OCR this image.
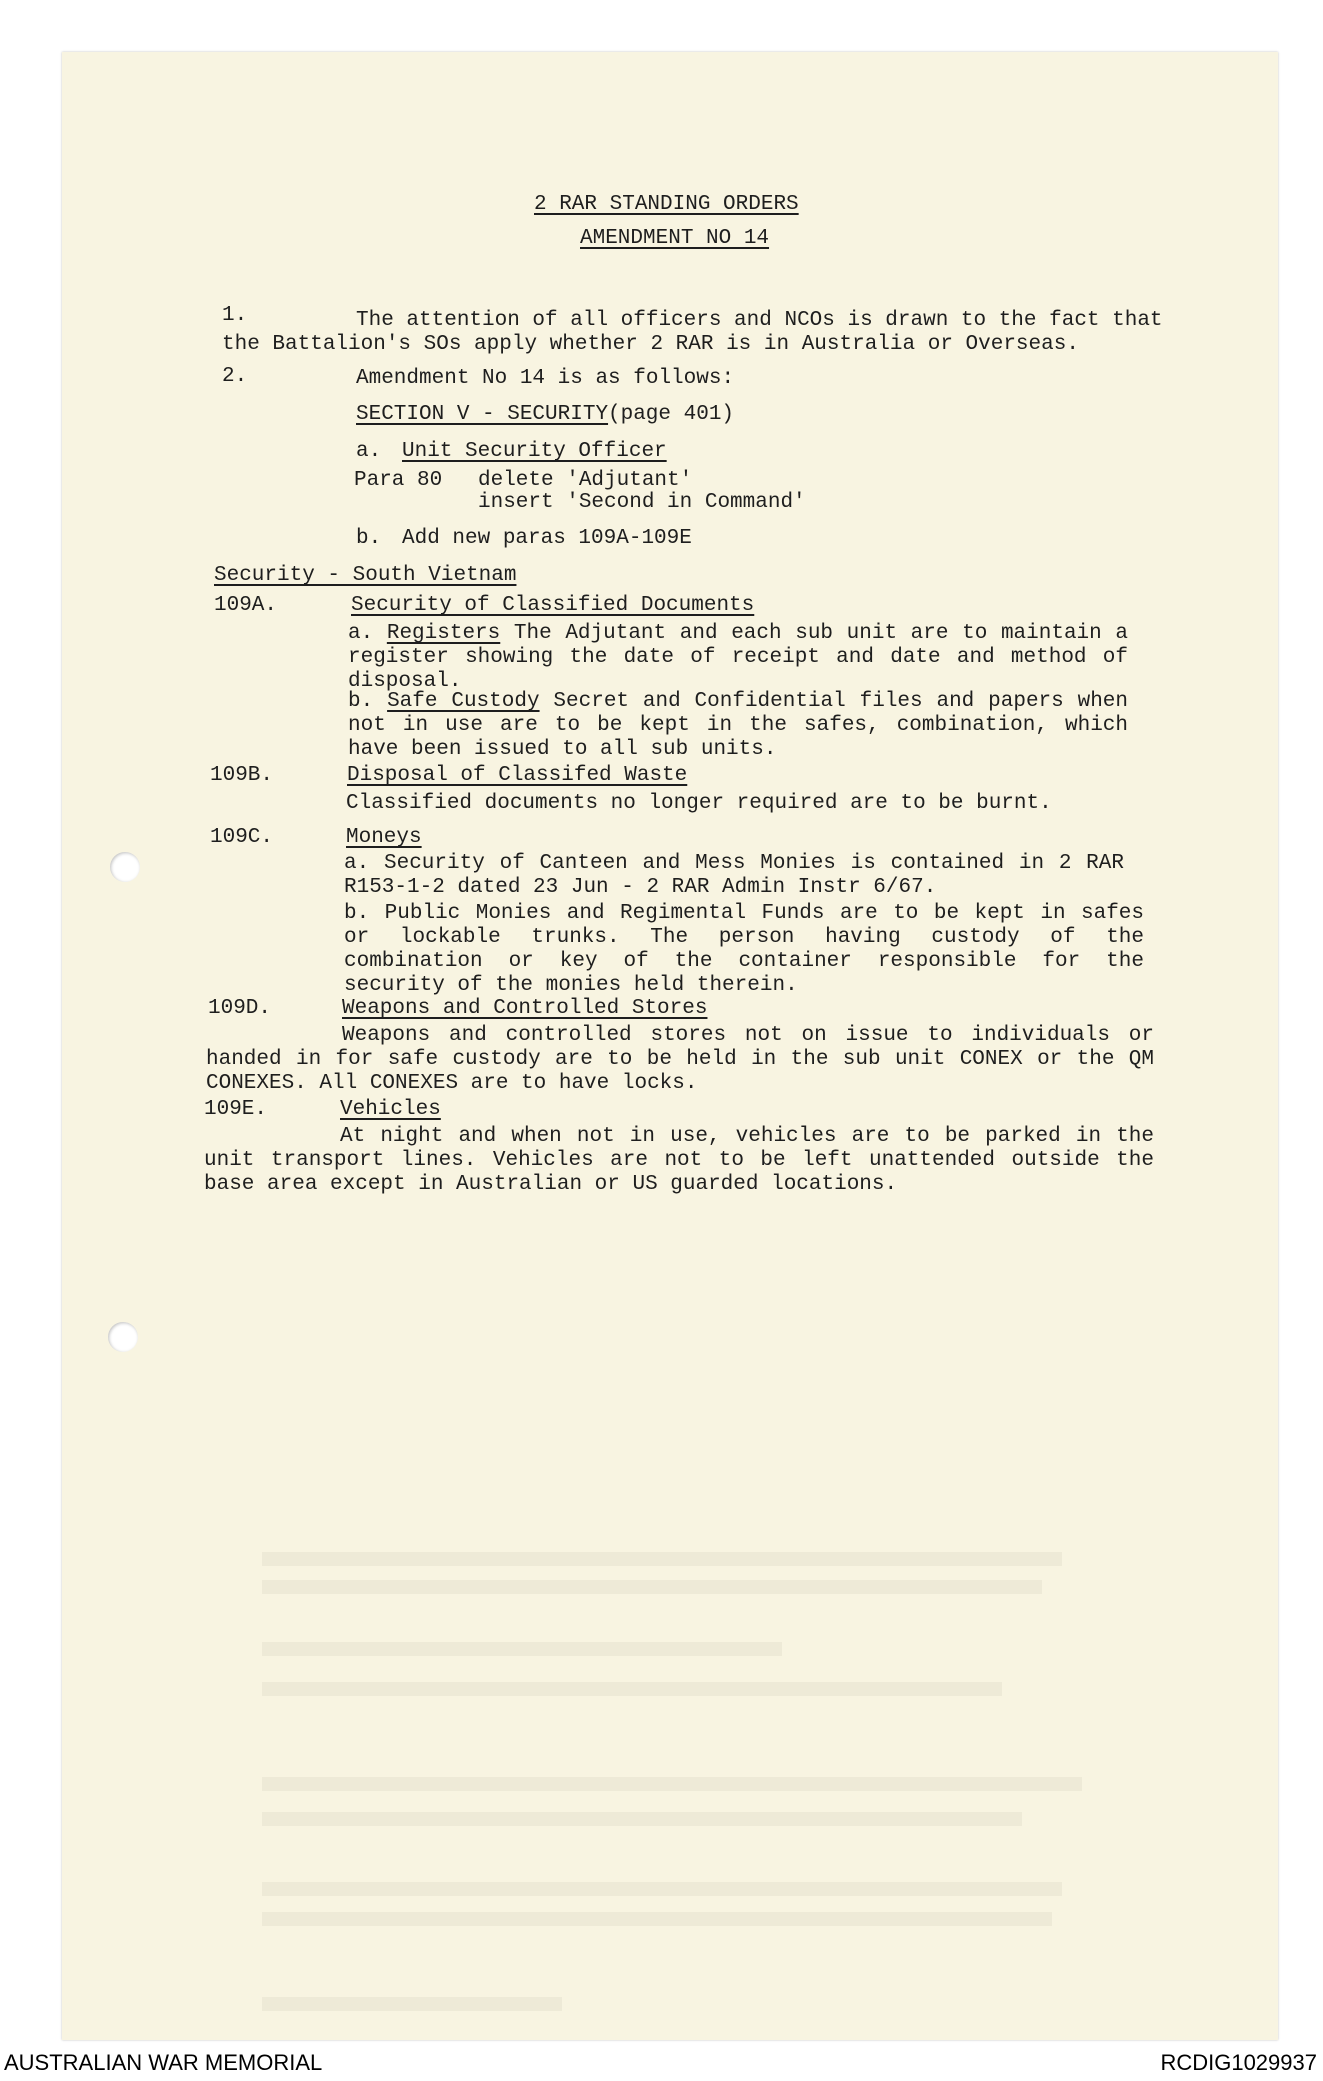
2 RAR STANDING ORDERS
AMENDMENT NO 14
1.	The attention of all officers and NCOs is drawn to the fact that
the Battalion's SOs apply whether 2 RAR is in Australia or Overseas.
2.	Amendment No 14 is as follows:
SECTION V - SECURITY (page 401)
a. Unit Security Officer
Para 80 delete 'Adjutant'
insert 'Second in Command'
b. Add new paras 109A-109E
Security - South Vietnam
109A.	Security of Classified Documents
a. Registers The Adjutant and each sub unit are to maintain a register showing the date of receipt and date and method of disposal.
b. Safe Custody Secret and Confidential files and papers when not in use are to be kept in the safes, combination, which have been issued to all sub units.
109B.	Disposal of Classifed Waste
Classified documents no longer required are to be burnt.
109C.	Moneys
a. Security of Canteen and Mess Monies is contained in 2 RAR R153-1-2 dated 23 Jun - 2 RAR Admin Instr 6/67.
b. Public Monies and Regimental Funds are to be kept in safes or lockable trunks. The person having custody of the combination or key of the container responsible for the security of the monies held therein.
109D.	Weapons and Controlled Stores
Weapons and controlled stores not on issue to individuals or handed in for safe custody are to be held in the sub unit CONEX or the QM CONEXES. All CONEXES are to have locks.
109E.	Vehicles
At night and when not in use, vehicles are to be parked in the unit transport lines. Vehicles are not to be left unattended outside the base area except in Australian or US guarded locations.
AUSTRALIAN WAR MEMORIAL	RCDIG1029937
